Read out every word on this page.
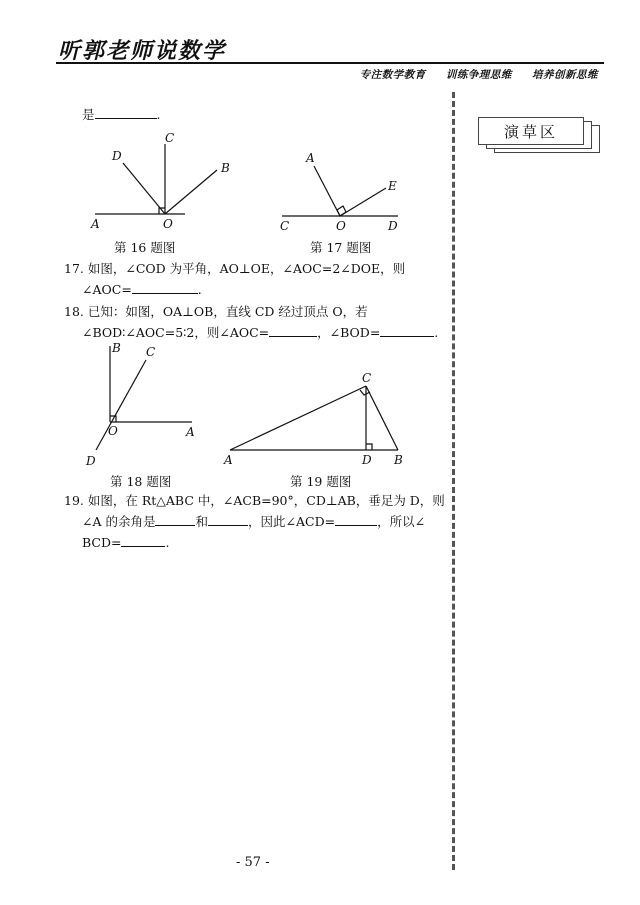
听郭老师说数学
专注数学教育 训练争理思维 培养创新思维
演草区
是	.
A	O
C
B
D
第 16 题图
C	O	D
A
E
第 17 题图
17. 如图，∠COD 为平角，AO⊥OE，∠AOC=2∠DOE，则
∠AOC=	.
18. 已知：如图，OA⊥OB，直线 CD 经过顶点 O，若
∠BOD∶∠AOC=5∶2，则∠AOC=	，∠BOD=	.
B C
O	A
D
第 18 题图
A	D B
C
第 19 题图
19. 如图，在 Rt△ABC 中，∠ACB=90°，CD⊥AB，垂足为 D，则
∠A 的余角是	和	，因此∠ACD=	，所以∠
BCD=	.
- 57 -
